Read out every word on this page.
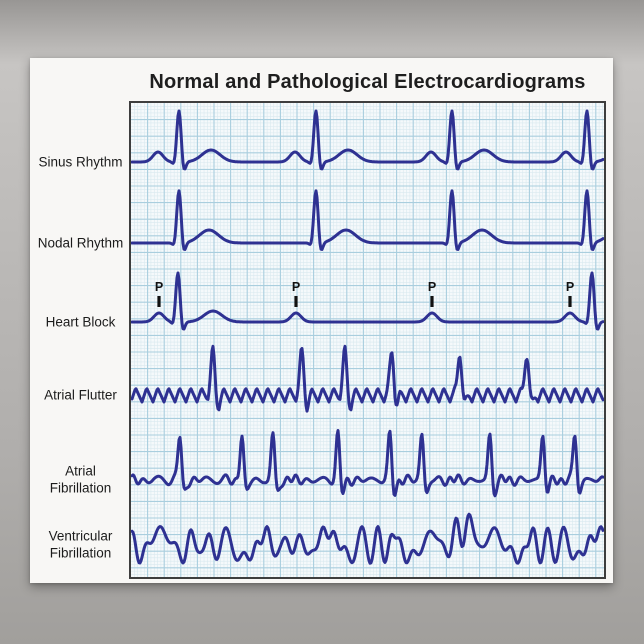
Normal and Pathological Electrocardiograms
Sinus Rhythm
Nodal Rhythm
Heart Block
Atrial Flutter
Atrial
Fibrillation
Ventricular
Fibrillation
P	P	P	P
